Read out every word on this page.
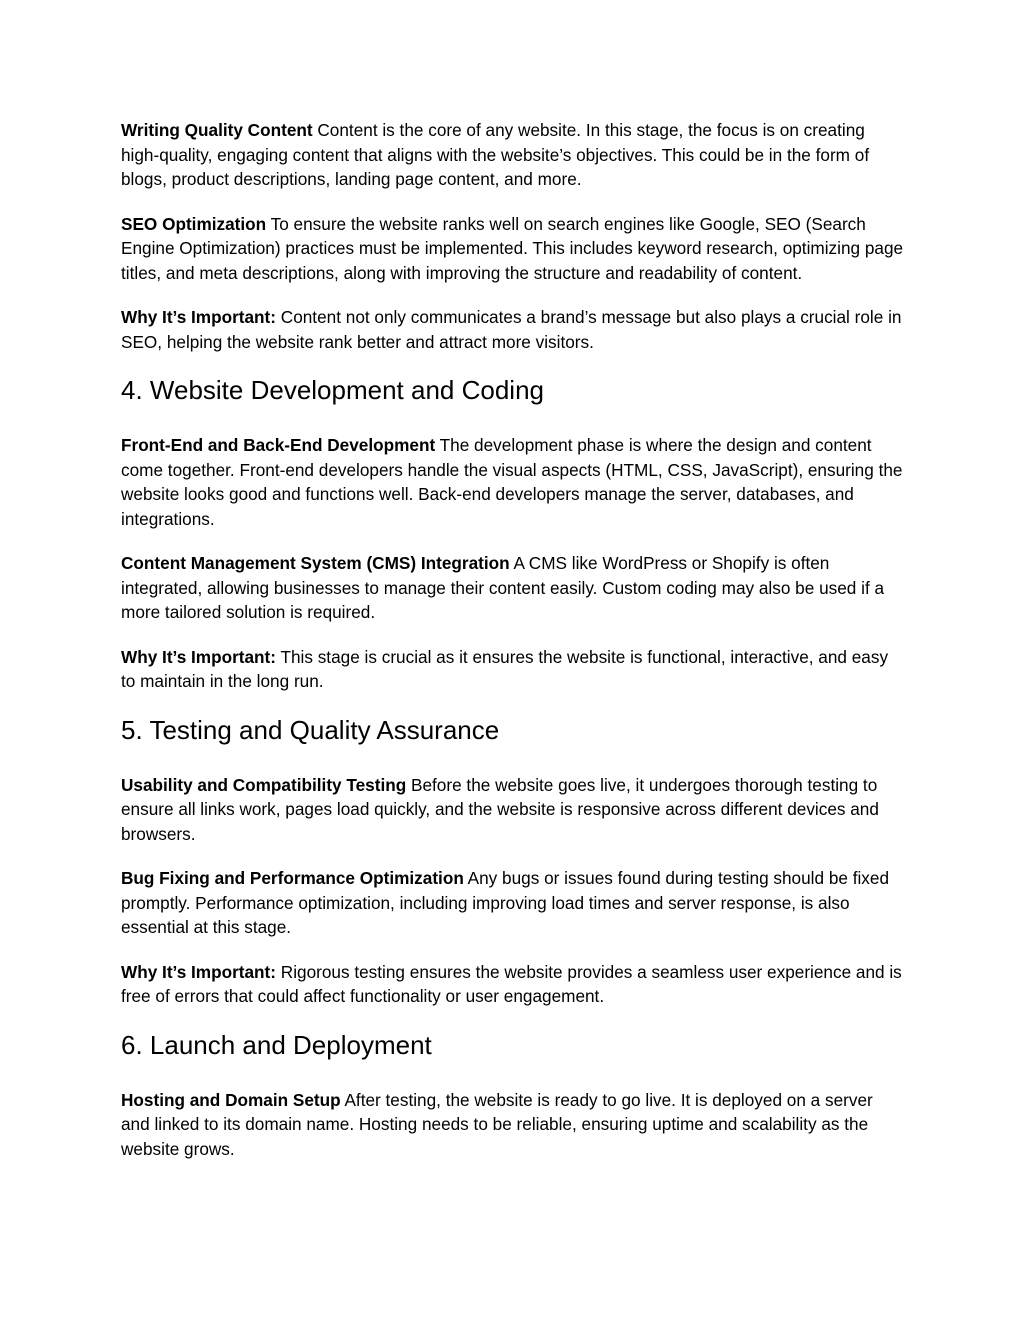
Writing Quality Content Content is the core of any website. In this stage, the focus is on creating high-quality, engaging content that aligns with the website’s objectives. This could be in the form of blogs, product descriptions, landing page content, and more.

SEO Optimization To ensure the website ranks well on search engines like Google, SEO (Search Engine Optimization) practices must be implemented. This includes keyword research, optimizing page titles, and meta descriptions, along with improving the structure and readability of content.

Why It’s Important: Content not only communicates a brand’s message but also plays a crucial role in SEO, helping the website rank better and attract more visitors.

4. Website Development and Coding

Front-End and Back-End Development The development phase is where the design and content come together. Front-end developers handle the visual aspects (HTML, CSS, JavaScript), ensuring the website looks good and functions well. Back-end developers manage the server, databases, and integrations.

Content Management System (CMS) Integration A CMS like WordPress or Shopify is often integrated, allowing businesses to manage their content easily. Custom coding may also be used if a more tailored solution is required.

Why It’s Important: This stage is crucial as it ensures the website is functional, interactive, and easy to maintain in the long run.

5. Testing and Quality Assurance

Usability and Compatibility Testing Before the website goes live, it undergoes thorough testing to ensure all links work, pages load quickly, and the website is responsive across different devices and browsers.

Bug Fixing and Performance Optimization Any bugs or issues found during testing should be fixed promptly. Performance optimization, including improving load times and server response, is also essential at this stage.

Why It’s Important: Rigorous testing ensures the website provides a seamless user experience and is free of errors that could affect functionality or user engagement.

6. Launch and Deployment

Hosting and Domain Setup After testing, the website is ready to go live. It is deployed on a server and linked to its domain name. Hosting needs to be reliable, ensuring uptime and scalability as the website grows.
